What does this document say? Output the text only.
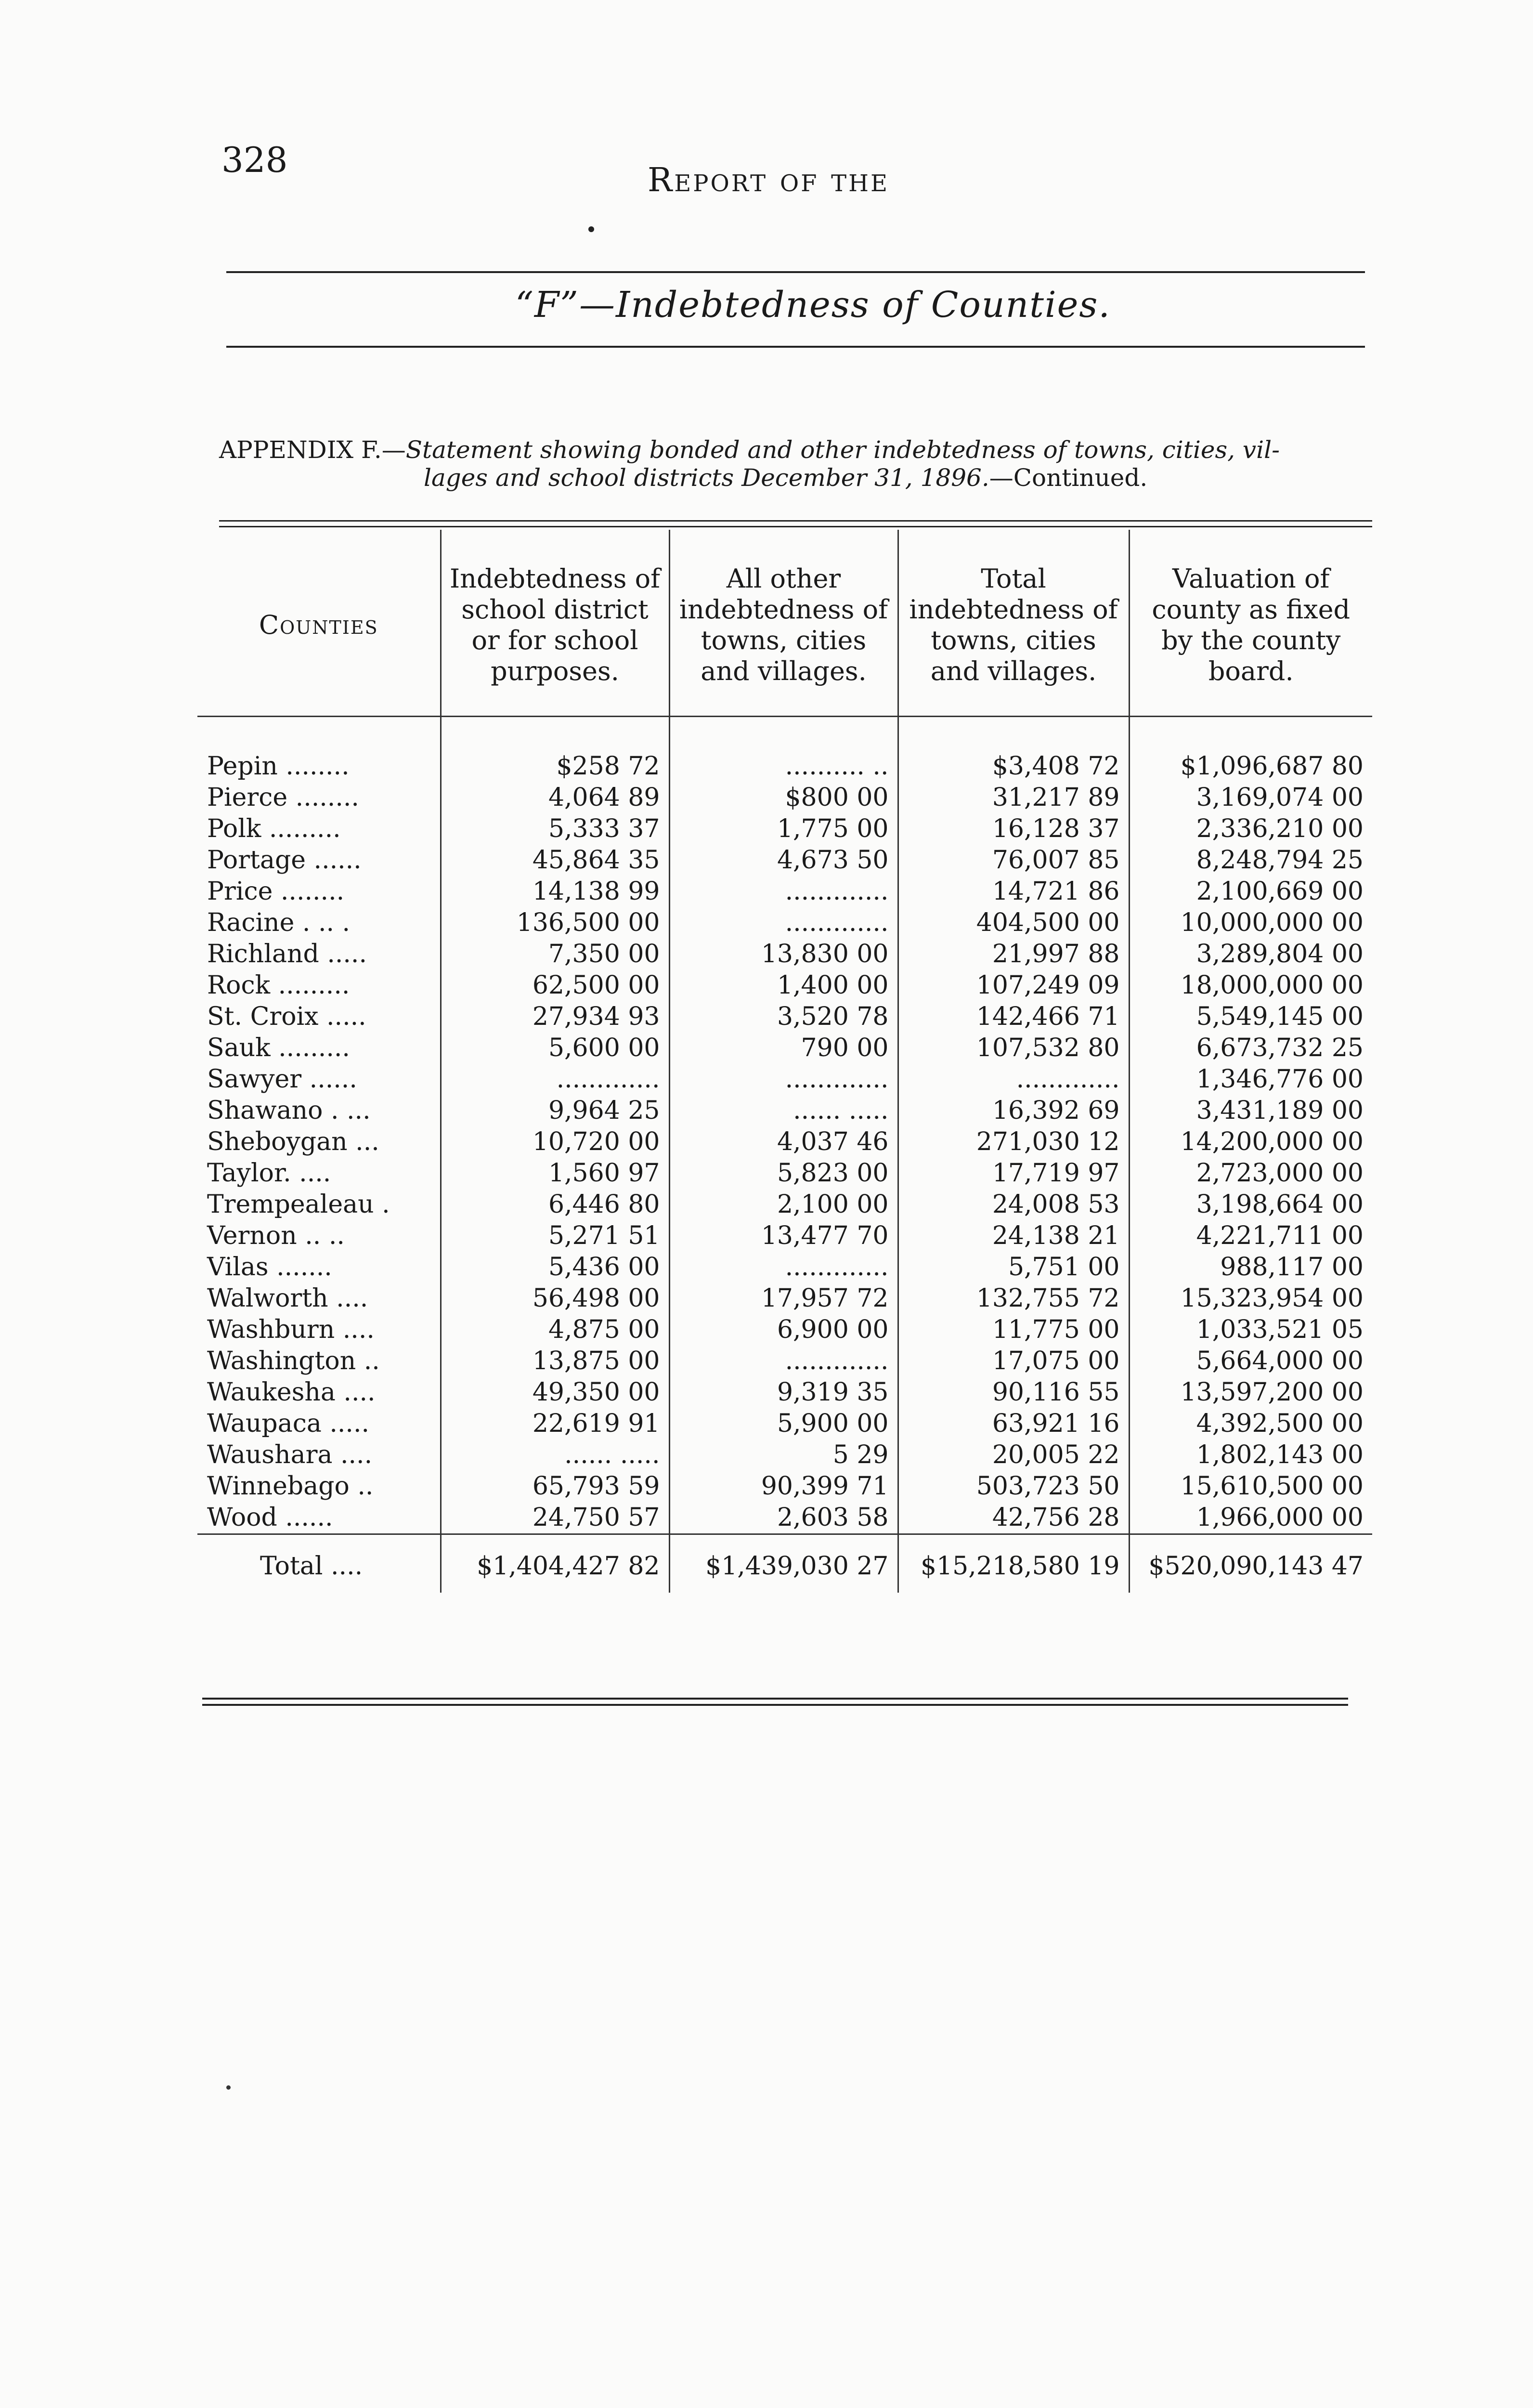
328
Report of the
“F”—Indebtedness of Counties.
APPENDIX F.—Statement showing bonded and other indebtedness of towns, cities, vil-
lages and school districts December 31, 1896.—Continued.
Counties	Indebtedness of school district or for school purposes.	All other indebtedness of towns, cities and villages.	Total indebtedness of towns, cities and villages.	Valuation of county as fixed by the county board.
Pepin ........	$258 72	.......... ..	$3,408 72	$1,096,687 80
Pierce ........	4,064 89	$800 00	31,217 89	3,169,074 00
Polk .........	5,333 37	1,775 00	16,128 37	2,336,210 00
Portage ......	45,864 35	4,673 50	76,007 85	8,248,794 25
Price ........	14,138 99	.............	14,721 86	2,100,669 00
Racine . .. .	136,500 00	.............	404,500 00	10,000,000 00
Richland .....	7,350 00	13,830 00	21,997 88	3,289,804 00
Rock .........	62,500 00	1,400 00	107,249 09	18,000,000 00
St. Croix .....	27,934 93	3,520 78	142,466 71	5,549,145 00
Sauk .........	5,600 00	790 00	107,532 80	6,673,732 25
Sawyer ......	.............	.............	.............	1,346,776 00
Shawano . ...	9,964 25	...... .....	16,392 69	3,431,189 00
Sheboygan ...	10,720 00	4,037 46	271,030 12	14,200,000 00
Taylor. ....	1,560 97	5,823 00	17,719 97	2,723,000 00
Trempealeau .	6,446 80	2,100 00	24,008 53	3,198,664 00
Vernon .. ..	5,271 51	13,477 70	24,138 21	4,221,711 00
Vilas .......	5,436 00	.............	5,751 00	988,117 00
Walworth ....	56,498 00	17,957 72	132,755 72	15,323,954 00
Washburn ....	4,875 00	6,900 00	11,775 00	1,033,521 05
Washington ..	13,875 00	.............	17,075 00	5,664,000 00
Waukesha ....	49,350 00	9,319 35	90,116 55	13,597,200 00
Waupaca .....	22,619 91	5,900 00	63,921 16	4,392,500 00
Waushara ....	...... .....	5 29	20,005 22	1,802,143 00
Winnebago ..	65,793 59	90,399 71	503,723 50	15,610,500 00
Wood ......	24,750 57	2,603 58	42,756 28	1,966,000 00
Total ....	$1,404,427 82	$1,439,030 27	$15,218,580 19	$520,090,143 47
